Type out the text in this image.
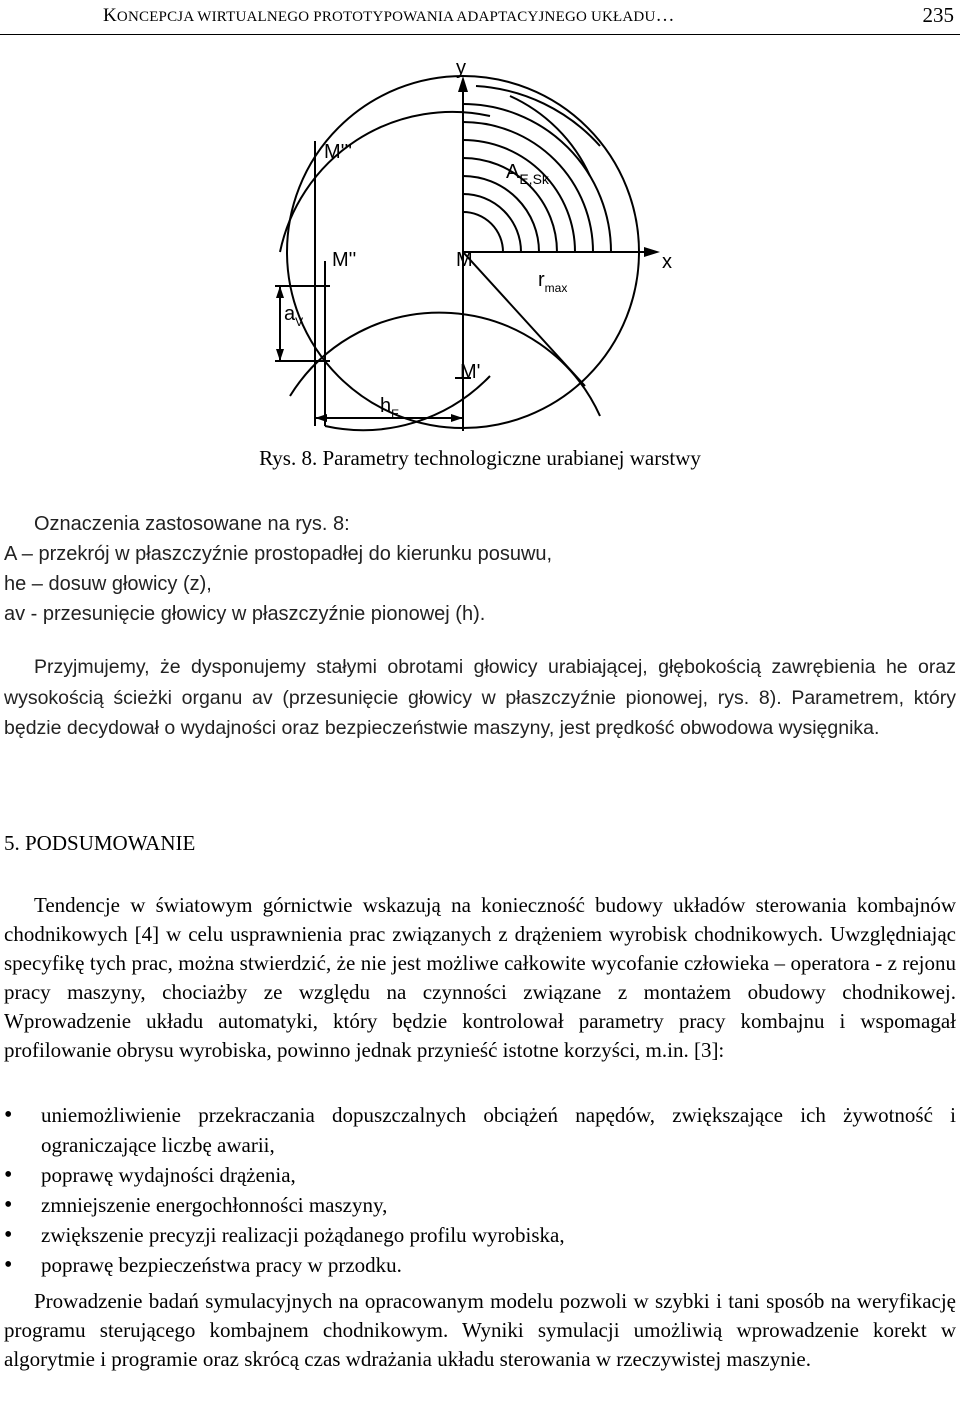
KONCEPCJA WIRTUALNEGO PROTOTYPOWANIA ADAPTACYJNEGO UKŁADU…	235
y
x
M'''
$A_{E,Sk}$
M''	M
$r_{max}$
$a_V$
M'
$h_E$
Rys. 8. Parametry technologiczne urabianej warstwy
Oznaczenia zastosowane na rys. 8:
A – przekrój w płaszczyźnie prostopadłej do kierunku posuwu,
he – dosuw głowicy (z),
av - przesunięcie głowicy w płaszczyźnie pionowej (h).

Przyjmujemy, że dysponujemy stałymi obrotami głowicy urabiającej, głębokością zawrębienia he oraz wysokością ścieżki organu av (przesunięcie głowicy w płaszczyźnie pionowej, rys. 8). Parametrem, który będzie decydował o wydajności oraz bezpieczeństwie maszyny, jest prędkość obwodowa wysięgnika.

5. PODSUMOWANIE

Tendencje w światowym górnictwie wskazują na konieczność budowy układów sterowania kombajnów chodnikowych [4] w celu usprawnienia prac związanych z drążeniem wyrobisk chodnikowych. Uwzględniając specyfikę tych prac, można stwierdzić, że nie jest możliwe całkowite wycofanie człowieka – operatora - z rejonu pracy maszyny, chociażby ze względu na czynności związane z montażem obudowy chodnikowej. Wprowadzenie układu automatyki, który będzie kontrolował parametry pracy kombajnu i wspomagał profilowanie obrysu wyrobiska, powinno jednak przynieść istotne korzyści, m.in. [3]:

• uniemożliwienie przekraczania dopuszczalnych obciążeń napędów, zwiększające ich żywotność i ograniczające liczbę awarii,
• poprawę wydajności drążenia,
• zmniejszenie energochłonności maszyny,
• zwiększenie precyzji realizacji pożądanego profilu wyrobiska,
• poprawę bezpieczeństwa pracy w przodku.

Prowadzenie badań symulacyjnych na opracowanym modelu pozwoli w szybki i tani sposób na weryfikację programu sterującego kombajnem chodnikowym. Wyniki symulacji umożliwią wprowadzenie korekt w algorytmie i programie oraz skrócą czas wdrażania układu sterowania w rzeczywistej maszynie.
